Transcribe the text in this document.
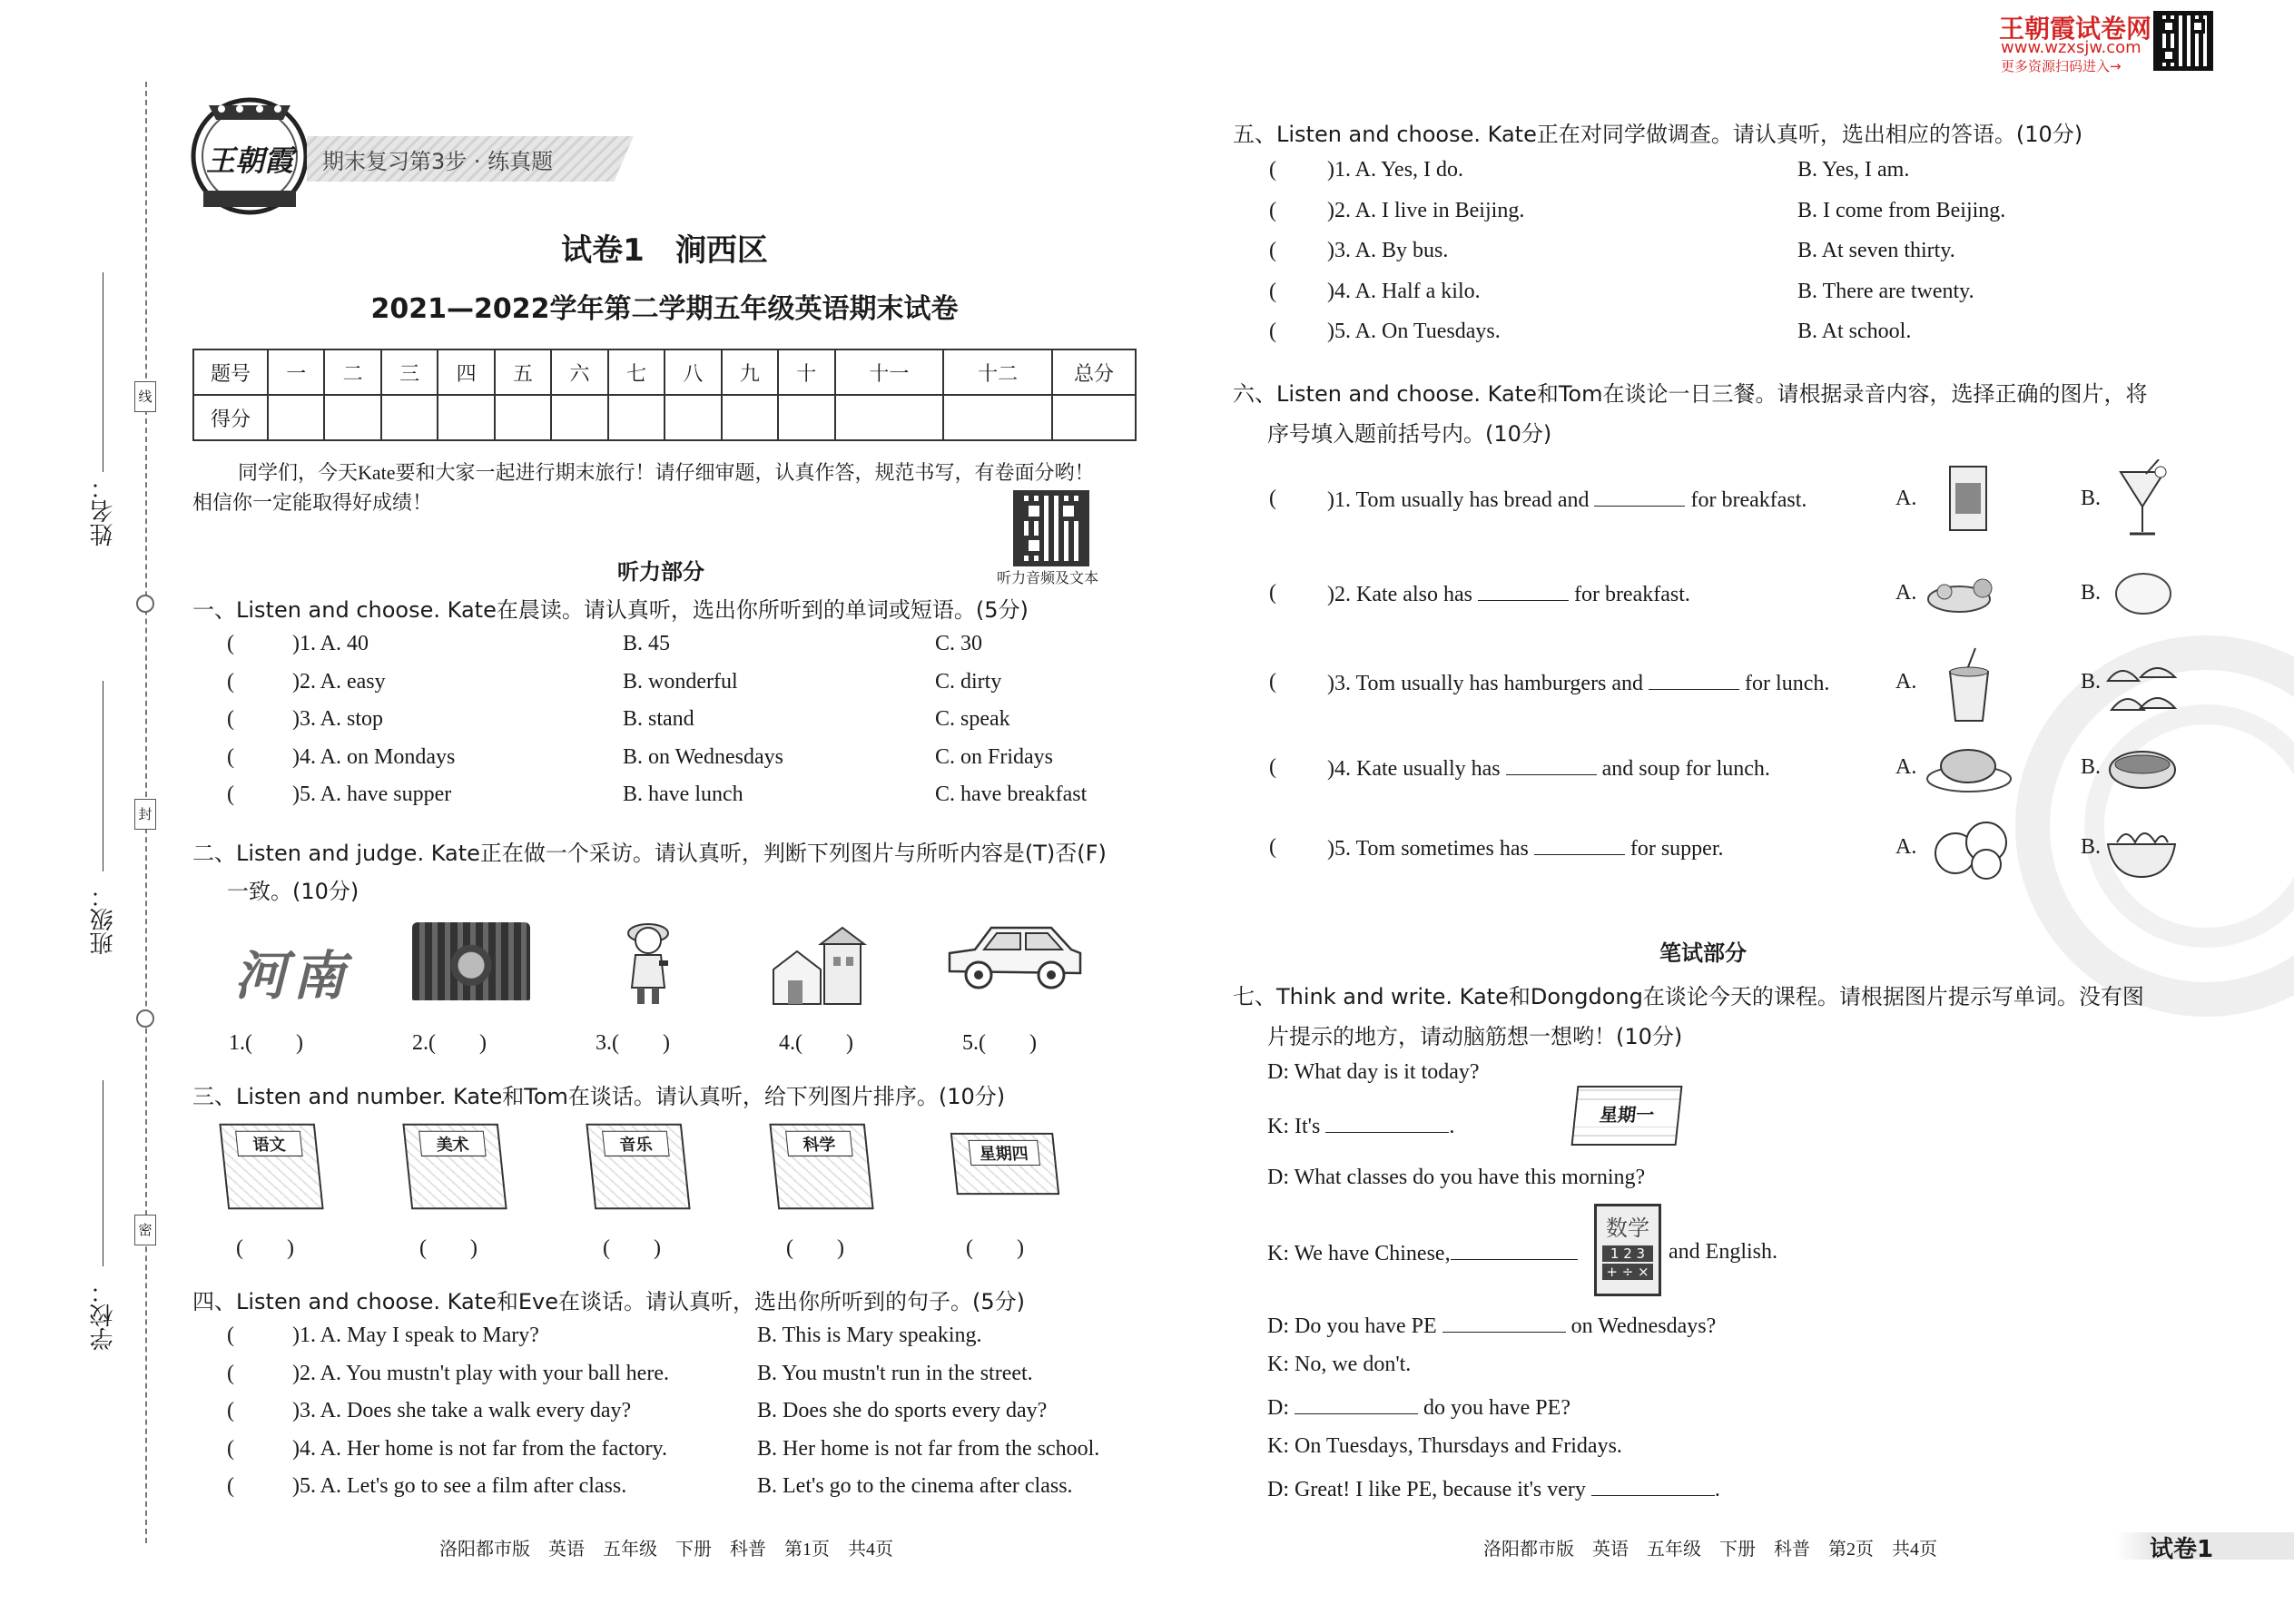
线
封
密
姓名：
班级：
学校：
王朝霞	期末复习第3步 · 练真题
试卷1　涧西区
2021—2022学年第二学期五年级英语期末试卷
题号	一	二	三	四	五	六	七	八	九	十	十一	十二	总分
得分													
同学们，今天Kate要和大家一起进行期末旅行！请仔细审题，认真作答，规范书写，有卷面分哟！
相信你一定能取得好成绩！
听力音频及文本
听力部分
一、Listen and choose. Kate在晨读。请认真听，选出你所听到的单词或短语。(5分)
(	)1. A. 40	B. 45	C. 30
(	)2. A. easy	B. wonderful	C. dirty
(	)3. A. stop	B. stand	C. speak
(	)4. A. on Mondays	B. on Wednesdays	C. on Fridays
(	)5. A. have supper	B. have lunch	C. have breakfast
二、Listen and judge. Kate正在做一个采访。请认真听，判断下列图片与所听内容是(T)否(F)
一致。(10分)
河南
1.(　　)	2.(　　)	3.(　　)	4.(　　)	5.(　　)
三、Listen and number. Kate和Tom在谈话。请认真听，给下列图片排序。(10分)
语文
(　　)
美术
(　　)
音乐
(　　)
科学
(　　)
星期四
(　　)
四、Listen and choose. Kate和Eve在谈话。请认真听，选出你所听到的句子。(5分)
(	)1. A. May I speak to Mary?	B. This is Mary speaking.
(	)2. A. You mustn't play with your ball here.	B. You mustn't run in the street.
(	)3. A. Does she take a walk every day?	B. Does she do sports every day?
(	)4. A. Her home is not far from the factory.	B. Her home is not far from the school.
(	)5. A. Let's go to see a film after class.	B. Let's go to the cinema after class.
洛阳都市版　英语　五年级　下册　科普　第1页　共4页
王朝霞试卷网
www.wzxsjw.com
更多资源扫码进入→
五、Listen and choose. Kate正在对同学做调查。请认真听，选出相应的答语。(10分)
( )1. A. Yes, I do.	B. Yes, I am.
( )2. A. I live in Beijing.	B. I come from Beijing.
( )3. A. By bus.	B. At seven thirty.
( )4. A. Half a kilo.	B. There are twenty.
( )5. A. On Tuesdays.	B. At school.
六、Listen and choose. Kate和Tom在谈论一日三餐。请根据录音内容，选择正确的图片，将
序号填入题前括号内。(10分)
( )1. Tom usually has bread and	for breakfast.	A.	B.
( )2. Kate also has	for breakfast.	A.	B.
( )3. Tom usually has hamburgers and	for lunch.	A.	B.
( )4. Kate usually has	and soup for lunch.	A.	B.
( )5. Tom sometimes has	for supper.	A.	B.
笔试部分
七、Think and write. Kate和Dongdong在谈论今天的课程。请根据图片提示写单词。没有图
片提示的地方，请动脑筋想一想哟！(10分)
D: What day is it today?
K: It's	.	星期一
D: What classes do you have this morning?
K: We have Chinese,
数学
1 2 3
+ ÷ ×
and English.
D: Do you have PE	on Wednesdays?
K: No, we don't.
D:	do you have PE?
K: On Tuesdays, Thursdays and Fridays.
D: Great! I like PE, because it's very	.
洛阳都市版　英语　五年级　下册　科普　第2页　共4页	试卷1
